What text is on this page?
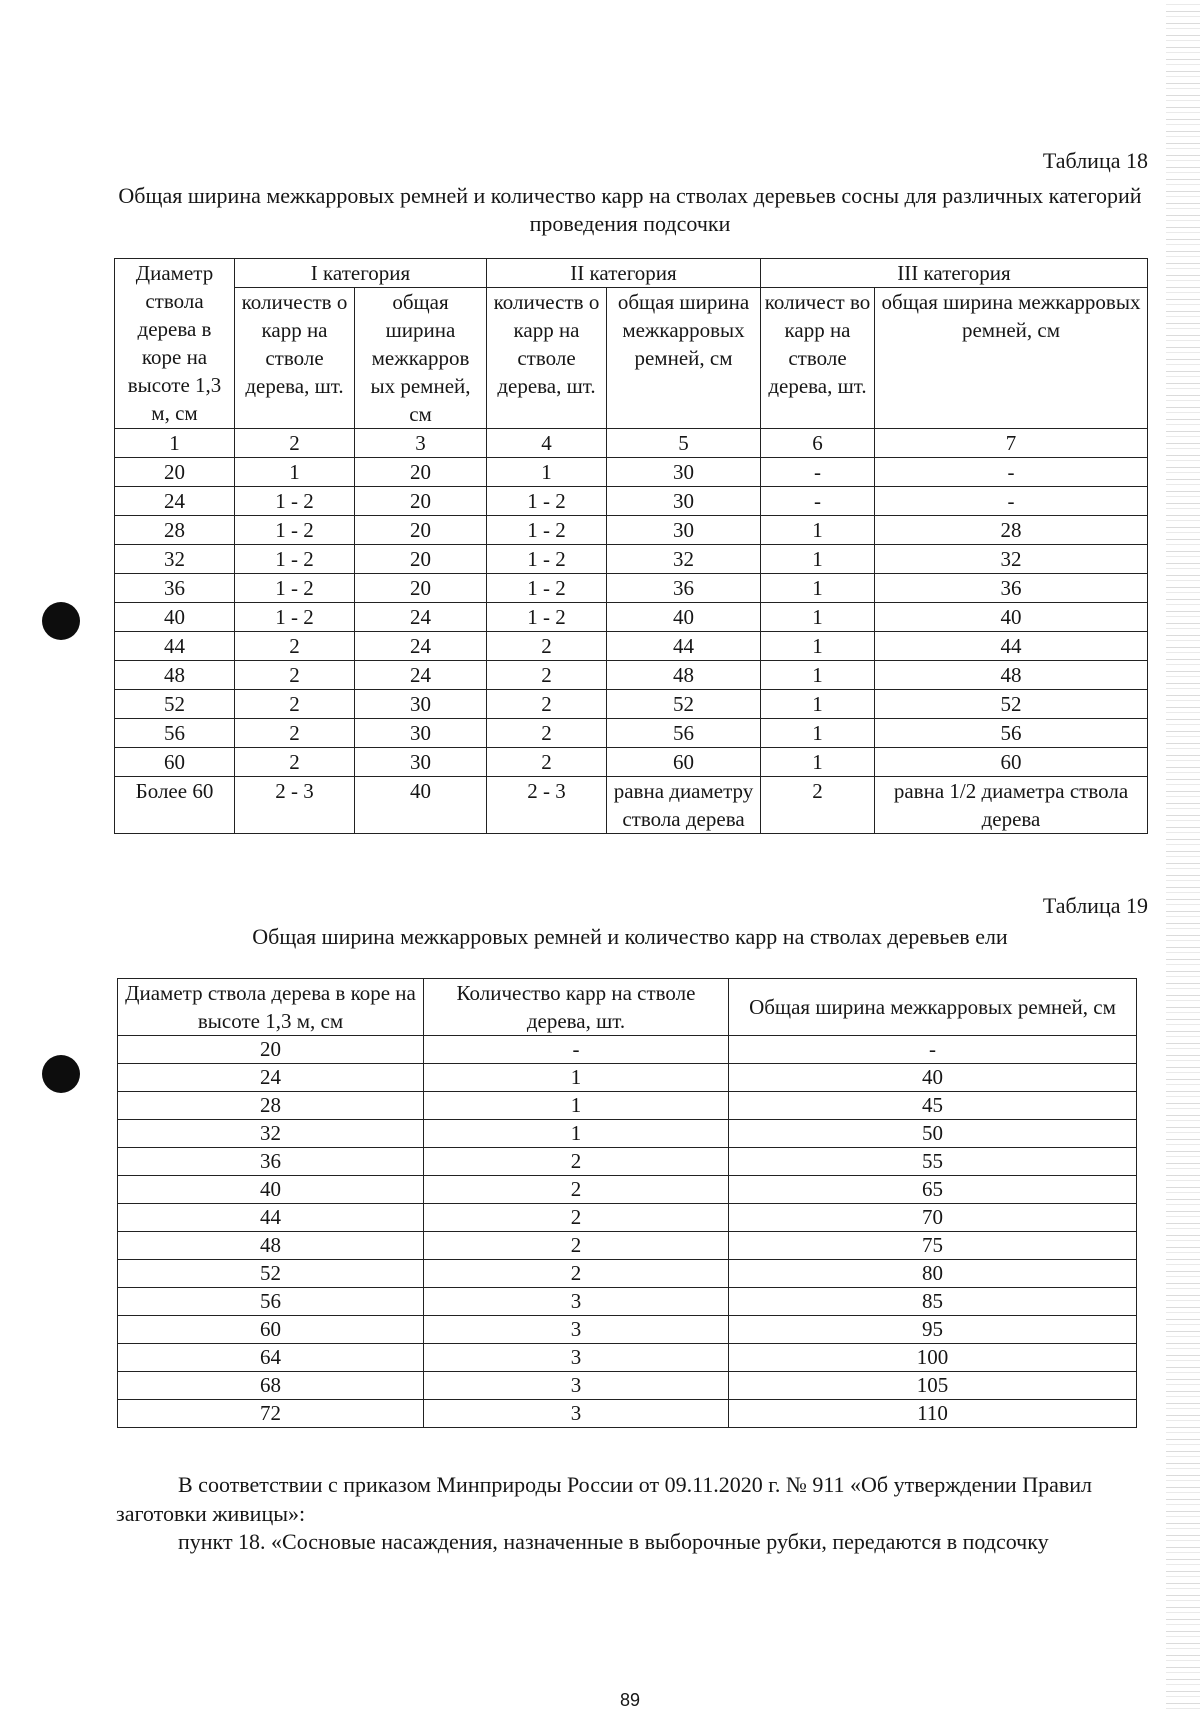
Таблица 18
Общая ширина межкарровых ремней и количество карр на стволах деревьев сосны для различных категорий проведения подсочки
Диаметр ствола дерева в коре на высоте 1,3 м, см	I категория		II категория		III категория	
	количеств о карр на стволе дерева, шт.	общая ширина межкарров ых ремней, см	количеств о карр на стволе дерева, шт.	общая ширина межкарровых ремней, см	количест во карр на стволе дерева, шт.	общая ширина межкарровых ремней, см
1	2	3	4	5	6	7
20	1	20	1	30	-	-
24	1 - 2	20	1 - 2	30	-	-
28	1 - 2	20	1 - 2	30	1	28
32	1 - 2	20	1 - 2	32	1	32
36	1 - 2	20	1 - 2	36	1	36
40	1 - 2	24	1 - 2	40	1	40
44	2	24	2	44	1	44
48	2	24	2	48	1	48
52	2	30	2	52	1	52
56	2	30	2	56	1	56
60	2	30	2	60	1	60
Более 60	2 - 3	40	2 - 3	равна диаметру ствола дерева	2	равна 1/2 диаметра ствола дерева
Таблица 19
Общая ширина межкарровых ремней и количество карр на стволах деревьев ели
Диаметр ствола дерева в коре на высоте 1,3 м, см	Количество карр на стволе дерева, шт.	Общая ширина межкарровых ремней, см
20	-	-
24	1	40
28	1	45
32	1	50
36	2	55
40	2	65
44	2	70
48	2	75
52	2	80
56	3	85
60	3	95
64	3	100
68	3	105
72	3	110
В соответствии с приказом Минприроды России от 09.11.2020 г. № 911 «Об утверждении Правил заготовки живицы»:
пункт 18. «Сосновые насаждения, назначенные в выборочные рубки, передаются в подсочку
89
